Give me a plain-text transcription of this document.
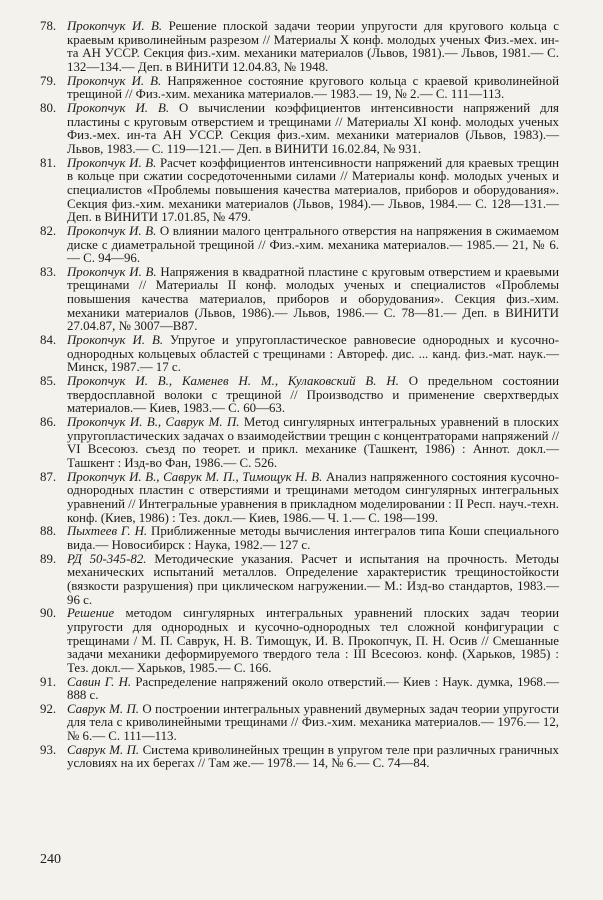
78. Прокопчук И. В. Решение плоской задачи теории упругости для кругового кольца с краевым криволинейным разрезом // Материалы X конф. молодых ученых Физ.-мех. ин-та АН УССР. Секция физ.-хим. механики материалов (Львов, 1981).— Львов, 1981.— С. 132—134.— Деп. в ВИНИТИ 12.04.83, № 1948.
79. Прокопчук И. В. Напряженное состояние кругового кольца с краевой криволинейной трещиной // Физ.-хим. механика материалов.— 1983.— 19, № 2.— С. 111—113.
80. Прокопчук И. В. О вычислении коэффициентов интенсивности напряжений для пластины с круговым отверстием и трещинами // Материалы XI конф. молодых ученых Физ.-мех. ин-та АН УССР. Секция физ.-хим. механики материалов (Львов, 1983).— Львов, 1983.— С. 119—121.— Деп. в ВИНИТИ 16.02.84, № 931.
81. Прокопчук И. В. Расчет коэффициентов интенсивности напряжений для краевых трещин в кольце при сжатии сосредоточенными силами // Материалы конф. молодых ученых и специалистов «Проблемы повышения качества материалов, приборов и оборудования». Секция физ.-хим. механики материалов (Львов, 1984).— Львов, 1984.— С. 128—131.— Деп. в ВИНИТИ 17.01.85, № 479.
82. Прокопчук И. В. О влиянии малого центрального отверстия на напряжения в сжимаемом диске с диаметральной трещиной // Физ.-хим. механика материалов.— 1985.— 21, № 6.— С. 94—96.
83. Прокопчук И. В. Напряжения в квадратной пластине с круговым отверстием и краевыми трещинами // Материалы II конф. молодых ученых и специалистов «Проблемы повышения качества материалов, приборов и оборудования». Секция физ.-хим. механики материалов (Львов, 1986).— Львов, 1986.— С. 78—81.— Деп. в ВИНИТИ 27.04.87, № 3007—В87.
84. Прокопчук И. В. Упругое и упругопластическое равновесие однородных и кусочно-однородных кольцевых областей с трещинами : Автореф. дис. ... канд. физ.-мат. наук.— Минск, 1987.— 17 с.
85. Прокопчук И. В., Каменев Н. М., Кулаковский В. Н. О предельном состоянии твердосплавной волоки с трещиной // Производство и применение сверхтвердых материалов.— Киев, 1983.— С. 60—63.
86. Прокопчук И. В., Саврук М. П. Метод сингулярных интегральных уравнений в плоских упругопластических задачах о взаимодействии трещин с концентраторами напряжений // VI Всесоюз. съезд по теорет. и прикл. механике (Ташкент, 1986) : Аннот. докл.— Ташкент : Изд-во Фан, 1986.— С. 526.
87. Прокопчук И. В., Саврук М. П., Тимощук Н. В. Анализ напряженного состояния кусочно-однородных пластин с отверстиями и трещинами методом сингулярных интегральных уравнений // Интегральные уравнения в прикладном моделировании : II Респ. науч.-техн. конф. (Киев, 1986) : Тез. докл.— Киев, 1986.— Ч. 1.— С. 198—199.
88. Пыхтеев Г. Н. Приближенные методы вычисления интегралов типа Коши специального вида.— Новосибирск : Наука, 1982.— 127 с.
89. РД 50-345-82. Методические указания. Расчет и испытания на прочность. Методы механических испытаний металлов. Определение характеристик трещиностойкости (вязкости разрушения) при циклическом нагружении.— М.: Изд-во стандартов, 1983.— 96 с.
90. Решение методом сингулярных интегральных уравнений плоских задач теории упругости для однородных и кусочно-однородных тел сложной конфигурации с трещинами / М. П. Саврук, Н. В. Тимощук, И. В. Прокопчук, П. Н. Осив // Смешанные задачи механики деформируемого твердого тела : III Всесоюз. конф. (Харьков, 1985) : Тез. докл.— Харьков, 1985.— С. 166.
91. Савин Г. Н. Распределение напряжений около отверстий.— Киев : Наук. думка, 1968.— 888 с.
92. Саврук М. П. О построении интегральных уравнений двумерных задач теории упругости для тела с криволинейными трещинами // Физ.-хим. механика материалов.— 1976.— 12, № 6.— С. 111—113.
93. Саврук М. П. Система криволинейных трещин в упругом теле при различных граничных условиях на их берегах // Там же.— 1978.— 14, № 6.— С. 74—84.
240
